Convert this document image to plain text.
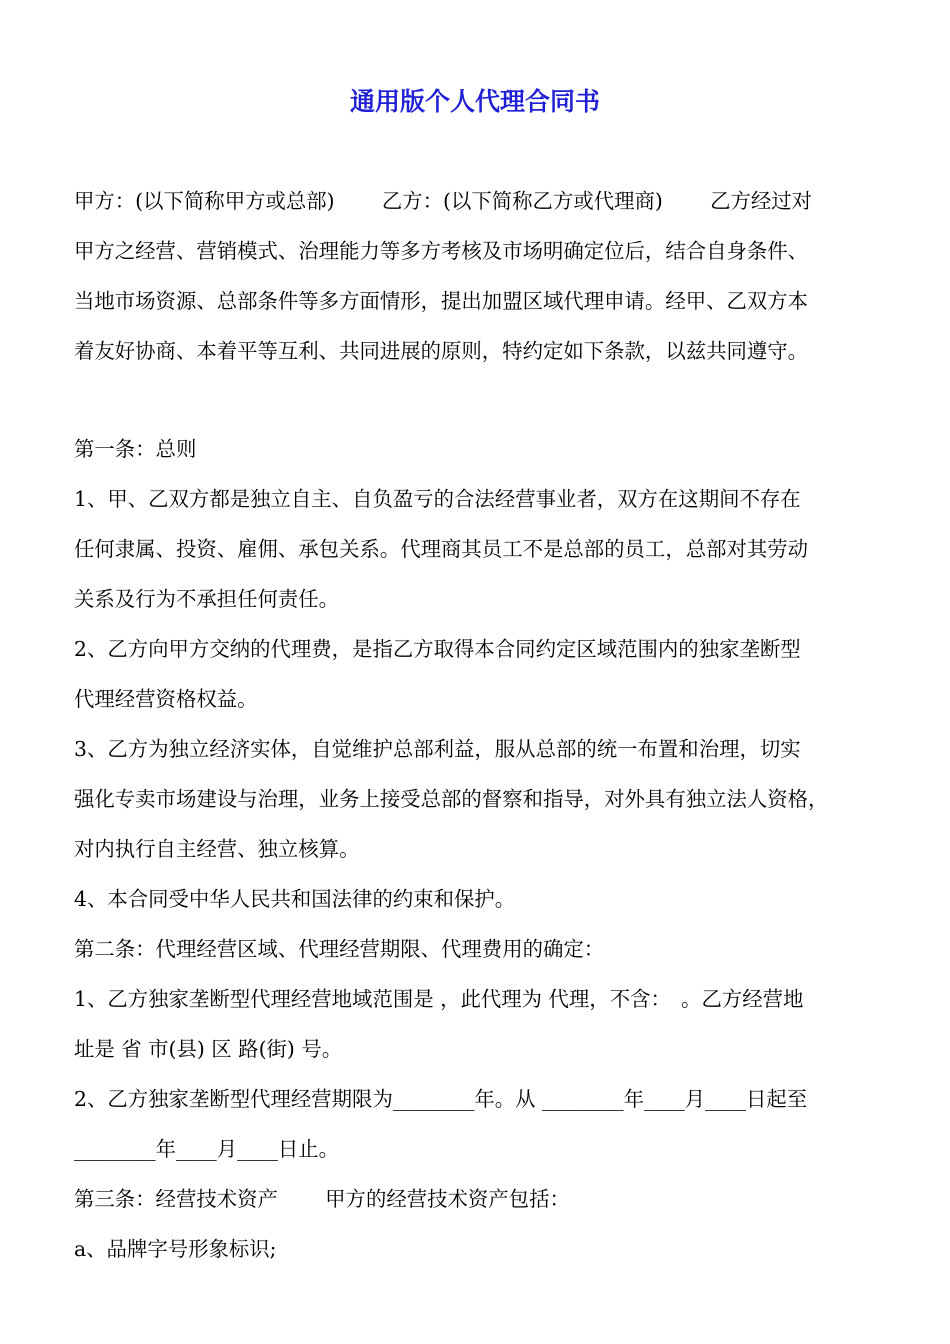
通用版个人代理合同书
甲方：(以下简称甲方或总部)　　 乙方：(以下简称乙方或代理商)　　 乙方经过对
甲方之经营、营销模式、治理能力等多方考核及市场明确定位后，结合自身条件、
当地市场资源、总部条件等多方面情形，提出加盟区域代理申请。经甲、乙双方本
着友好协商、本着平等互利、共同进展的原则，特约定如下条款，以兹共同遵守。
第一条：总则
1、甲、乙双方都是独立自主、自负盈亏的合法经营事业者，双方在这期间不存在
任何隶属、投资、雇佣、承包关系。代理商其员工不是总部的员工，总部对其劳动
关系及行为不承担任何责任。
2、乙方向甲方交纳的代理费，是指乙方取得本合同约定区域范围内的独家垄断型
代理经营资格权益。
3、乙方为独立经济实体，自觉维护总部利益，服从总部的统一布置和治理，切实
强化专卖市场建设与治理，业务上接受总部的督察和指导，对外具有独立法人资格，
对内执行自主经营、独立核算。
4、本合同受中华人民共和国法律的约束和保护。
第二条：代理经营区域、代理经营期限、代理费用的确定：
1、乙方独家垄断型代理经营地域范围是 ，此代理为 代理，不含：　。乙方经营地
址是 省 市(县) 区 路(街) 号。
2、乙方独家垄断型代理经营期限为________年。从 ________年____月____日起至
________年____月____日止。
第三条：经营技术资产　　 甲方的经营技术资产包括：
a、品牌字号形象标识;
